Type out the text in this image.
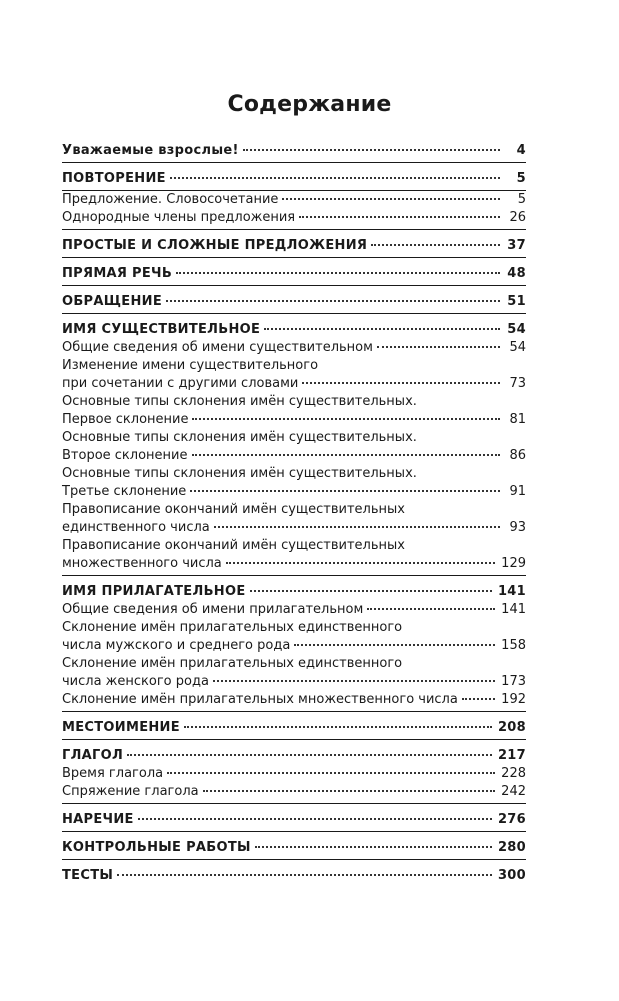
Содержание
Уважаемые взрослые!	4
ПОВТОРЕНИЕ	5
Предложение. Словосочетание	5
Однородные члены предложения	26
ПРОСТЫЕ И СЛОЖНЫЕ ПРЕДЛОЖЕНИЯ	37
ПРЯМАЯ РЕЧЬ	48
ОБРАЩЕНИЕ	51
ИМЯ СУЩЕСТВИТЕЛЬНОЕ	54
Общие сведения об имени существительном	54
Изменение имени существительного
при сочетании с другими словами	73
Основные типы склонения имён существительных.
Первое склонение	81
Основные типы склонения имён существительных.
Второе склонение	86
Основные типы склонения имён существительных.
Третье склонение	91
Правописание окончаний имён существительных
единственного числа	93
Правописание окончаний имён существительных
множественного числа	129
ИМЯ ПРИЛАГАТЕЛЬНОЕ	141
Общие сведения об имени прилагательном	141
Склонение имён прилагательных единственного
числа мужского и среднего рода	158
Склонение имён прилагательных единственного
числа женского рода	173
Склонение имён прилагательных множественного числа	192
МЕСТОИМЕНИЕ	208
ГЛАГОЛ	217
Время глагола	228
Спряжение глагола	242
НАРЕЧИЕ	276
КОНТРОЛЬНЫЕ РАБОТЫ	280
ТЕСТЫ	300
